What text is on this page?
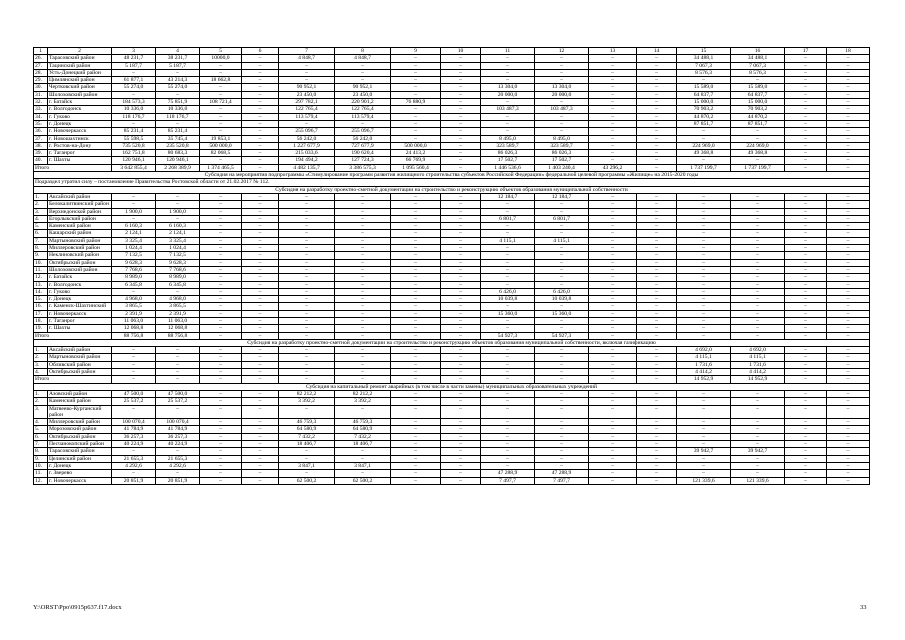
1	2	3	4	5	6	7	8	9	10	11	12	13	14	15	16	17	18
26.	Тарасовский район	48 231,7	38 231,7	10000,0	–	4 848,7	4 848,7	–	–	–	–	–	–	34 488,1	34 488,1	–	–
27.	Тацинский район	5 187,7	5 187,7	–	–	–	–	–	–	–	–	–	–	7 067,3	7 067,3	–	–
28.	Усть-Донецкий район	–	–	–	–	–	–	–	–	–	–	–	–	8 576,3	8 576,3	–	–
29.	Цимлянский район	61 877,1	43 214,3	18 662,8	–	–	–	–	–	–	–	–	–	–	–	–	–
30.	Чертковский район	55 274,0	55 274,0	–	–	90 952,1	90 952,1	–	–	13 304,0	13 304,0	–	–	15 589,0	15 589,0	–	–
31.	Шолоховский район	–	–	–	–	23 450,0	23 450,0	–	–	20 000,0	20 000,0	–	–	64 837,7	64 837,7	–	–
32.	г. Батайск	184 573,3	75 851,9	108 721,4	–	297 782,1	220 901,2	76 880,9	–	–	–	–	–	15 000,0	15 000,0	–	–
33.	г. Волгодонск	10 336,0	10 336,0	–	–	122 765,4	122 765,4	–	–	103 487,3	103 487,3	–	–	70 903,2	70 903,2	–	–
34.	г. Гуково	118 176,7	118 176,7	–	–	113 579,4	113 579,4	–	–	–	–	–	–	44 870,2	44 870,2	–	–
35.	г. Донецк	–	–	–	–	–	–	–	–	–	–	–	–	87 851,7	87 851,7	–	–
36.	г. Новочеркасск	85 231,4	85 231,4	–	–	255 096,7	255 096,7	–	–	–	–	–	–	–	–	–	–
37.	г. Новошахтинск	55 598,5	35 745,4	19 853,1	–	56 242,0	56 242,0	–	–	8 495,0	8 495,0	–	–	–	–	–	–
38.	г. Ростов-на-Дону	735 520,8	235 520,8	500 000,0	–	1 227 677,9	727 677,9	500 000,0	–	323 589,7	323 589,7	–	–	224 969,0	224 969,0	–	–
39.	г. Таганрог	162 751,8	80 683,3	82 068,5	–	215 033,6	190 620,4	24 413,2	–	86 026,3	86 026,3	–	–	49 368,8	49 368,8	–	–
40.	г. Шахты	120 946,1	120 946,1	–	–	194 494,2	127 724,3	66 769,9	–	17 502,7	17 502,7	–	–	–	–	–	–
Итого		3 642 855,4	2 268 389,9	1 374 465,5	–	4 482 135,7	3 386 575,3	1 095 560,4	–	1 446 536,6	1 403 240,4	43 296,2	–	1 737 199,7	1 737 199,7	–	–
Субсидия на мероприятия подпрограммы «Стимулирование программ развития жилищного строительства субъектов Российской Федерации» федеральной целевой программы «Жилище» на 2015-2020 годы																	
Подраздел утратил силу – постановление Правительства Ростовской области от 21.02.2017 № 112.																	
Субсидия на разработку проектно-сметной документации на строительство и реконструкцию объектов образования муниципальной собственности																	
1.	Аксайский район	–	–	–	–	–	–	–	–	12 184,7	12 184,7	–	–	–	–	–	–
2.	Белокалитвинский район	–	–	–	–	–	–	–	–	–	–	–	–	–	–	–	–
3.	Верхнедонской район	1 900,0	1 900,0	–	–	–	–	–	–	–	–	–	–	–	–	–	–
4.	Егорлыкский район	–	–	–	–	–	–	–	–	6 801,7	6 801,7	–	–	–	–	–	–
5.	Каменский район	6 160,3	6 160,3	–	–	–	–	–	–	–	–	–	–	–	–	–	–
6.	Кашарский район	2 124,1	2 124,1	–	–	–	–	–	–	–	–	–	–	–	–	–	–
7.	Мартыновский район	3 325,4	3 325,4	–	–	–	–	–	–	4 115,1	4 115,1	–	–	–	–	–	–
8.	Миллеровский район	1 024,4	1 024,4	–	–	–	–	–	–	–	–	–	–	–	–	–	–
9.	Неклиновский район	7 132,5	7 132,5	–	–	–	–	–	–	–	–	–	–	–	–	–	–
10.	Октябрьский район	9 628,3	9 628,3	–	–	–	–	–	–	–	–	–	–	–	–	–	–
11.	Шолоховский район	7 768,6	7 768,6	–	–	–	–	–	–	–	–	–	–	–	–	–	–
12.	г. Батайск	8 989,0	8 989,0	–	–	–	–	–	–	–	–	–	–	–	–	–	–
13.	г. Волгодонск	6 345,8	6 345,8	–	–	–	–	–	–	–	–	–	–	–	–	–	–
14.	г. Гуково	–	–	–	–	–	–	–	–	6 426,0	6 426,0	–	–	–	–	–	–
15.	г. Донецк	4 968,0	4 968,0	–	–	–	–	–	–	10 039,8	10 039,8	–	–	–	–	–	–
16.	г. Каменск-Шахтинский	3 865,5	3 865,5	–	–	–	–	–	–	–	–	–	–	–	–	–	–
17.	г. Новочеркасск	2 391,9	2 391,9	–	–	–	–	–	–	15 360,0	15 360,0	–	–	–	–	–	–
18.	г. Таганрог	11 063,0	11 063,0	–	–	–	–	–	–	–	–	–	–	–	–	–	–
19.	г. Шахты	12 068,8	12 068,8	–	–	–	–	–	–	–	–	–	–	–	–	–	–
Итого		88 756,8	88 756,8	–	–	–	–	–	–	54 927,3	54 927,3	–	–	–	–	–	–
Субсидия на разработку проектно-сметной документации на строительство и реконструкцию объектов образования муниципальной собственности, включая газификацию																	
1.	Аксайский район	–	–	–	–	–	–	–	–	–	–	–	–	4 692,0	4 692,0	–	–
2.	Мартыновский район	–	–	–	–	–	–	–	–	–	–	–	–	4 115,1	4 115,1	–	–
3.	Обливский район	–	–	–	–	–	–	–	–	–	–	–	–	1 731,6	1 731,6	–	–
4.	Октябрьский район	–	–	–	–	–	–	–	–	–	–	–	–	4 414,2	4 414,2	–	–
Итого		–	–	–	–	–	–	–	–	–	–	–	–	14 952,9	14 952,9	–	–
Субсидия на капитальный ремонт аварийных (в том числе в части замены) муниципальных образовательных учреждений																	
1.	Азовский район	47 500,0	47 500,0	–	–	82 212,2	82 212,2	–	–	–	–	–	–	–	–	–	–
2.	Каменский район	25 537,2	25 537,2	–	–	3 392,2	3 392,2	–	–	–	–	–	–	–	–	–	–
3.	Матвеево-Курганский район	–	–	–	–	–	–	–	–	–	–	–	–	–	–	–	–
4.	Миллеровский район	100 070,4	100 070,4	–	–	46 759,3	46 759,3	–	–	–	–	–	–	–	–	–	–
5.	Морозовский район	41 784,9	41 784,9	–	–	64 580,9	64 580,9	–	–	–	–	–	–	–	–	–	–
6.	Октябрьский район	36 257,3	36 257,3	–	–	7 432,2	7 432,2	–	–	–	–	–	–	–	–	–	–
7.	Песчанокопский район	40 224,9	40 224,9	–	–	18 406,7	18 406,7	–	–	–	–	–	–	–	–	–	–
8.	Тарасовский район	–	–	–	–	–	–	–	–	–	–	–	–	39 942,7	39 942,7	–	–
9.	Целинский район	21 655,3	21 655,3	–	–	–	–	–	–	–	–	–	–	–	–	–	–
10.	г. Донецк	4 292,6	4 292,6	–	–	3 847,1	3 847,1	–	–	–	–	–	–	–	–	–	–
11.	г. Зверево	–	–	–	–	–	–	–	–	47 288,9	47 288,9	–	–	–	–	–	–
12.	г. Новочеркасск	20 851,9	20 851,9	–	–	62 500,2	62 500,2	–	–	7 497,7	7 497,7	–	–	121 339,6	121 339,6	–	–
Y:\ORST\Ppo\0915p637.f17.docx	33
